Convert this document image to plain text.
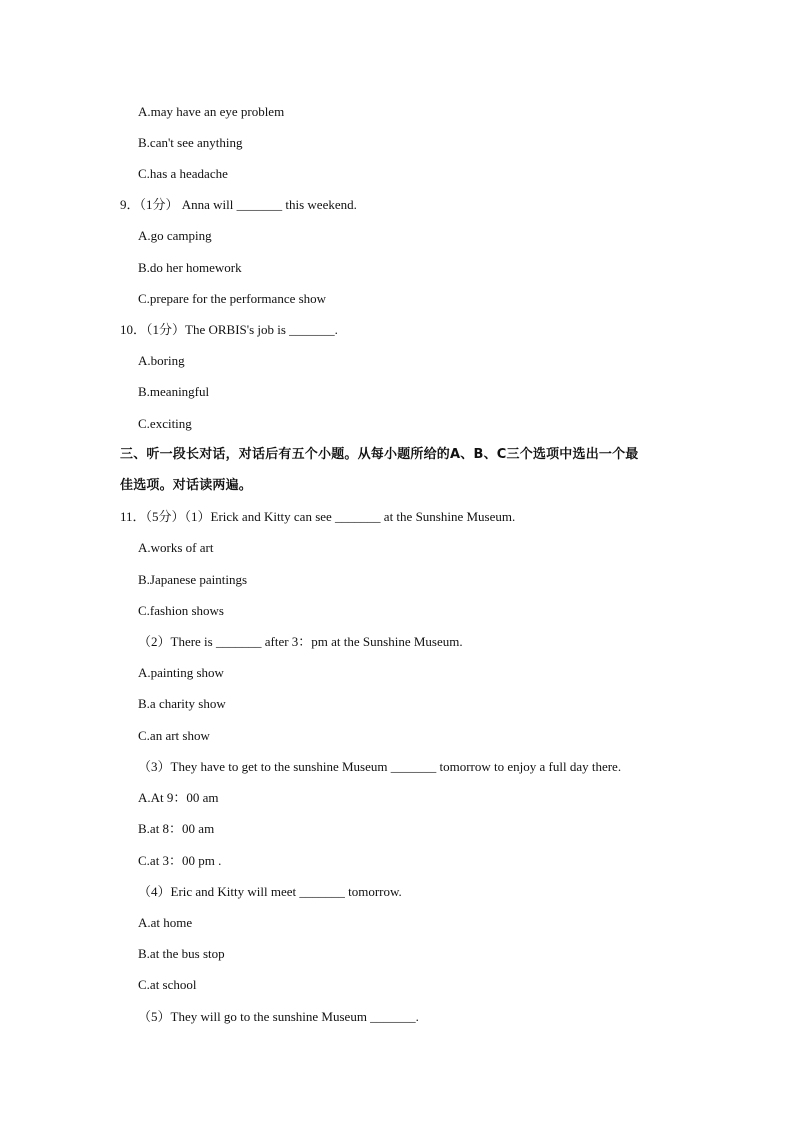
A.may have an eye problem
B.can't see anything
C.has a headache
9．（1分） Anna will _______ this weekend.
A.go camping
B.do her homework
C.prepare for the performance show
10．（1分）The ORBIS's job is _______.
A.boring
B.meaningful
C.exciting
三、听一段长对话，对话后有五个小题。从每小题所给的A、B、C三个选项中选出一个最
佳选项。对话读两遍。
11．（5分）（1）Erick and Kitty can see _______ at the Sunshine Museum.
A.works of art
B.Japanese paintings
C.fashion shows
（2）There is _______ after 3：pm at the Sunshine Museum.
A.painting show
B.a charity show
C.an art show
（3）They have to get to the sunshine Museum _______ tomorrow to enjoy a full day there.
A.At 9：00 am
B.at 8：00 am
C.at 3：00 pm .
（4）Eric and Kitty will meet _______ tomorrow.
A.at home
B.at the bus stop
C.at school
（5）They will go to the sunshine Museum _______.
